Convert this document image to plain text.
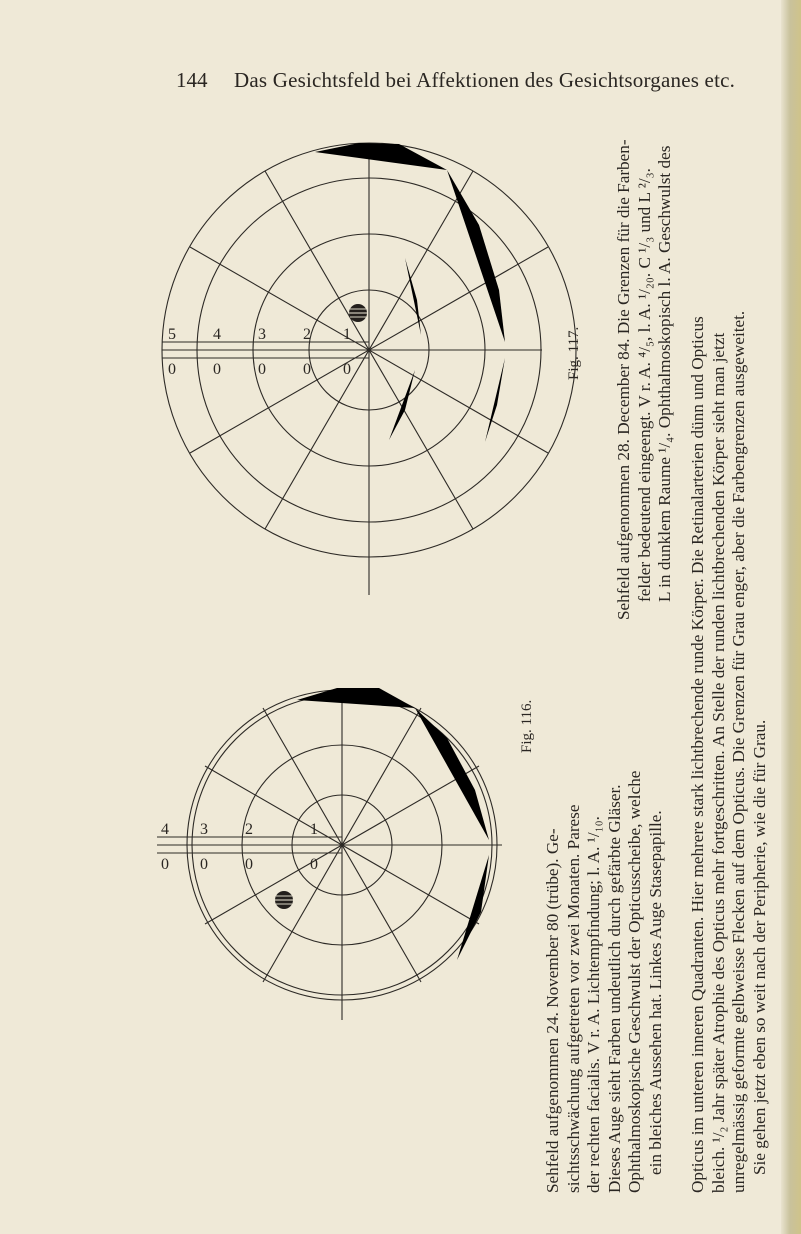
144 Das Gesichtsfeld bei Affektionen des Gesichtsorganes etc.
5
0
4
0
3
0
2
0
1
0
4
0
3
0
2
0
1
0
Fig. 116.
Sehfeld aufgenommen 24. November 80 (trübe). Ge- sichtsschwächung aufgetreten vor zwei Monaten. Parese der rechten facialis. V r. A. Lichtempfindung; l. A. ¹/₁₀. Dieses Auge sieht Farben undeutlich durch gefärbte Gläser. Ophthalmoskopische Geschwulst der Opticusscheibe, welche ein bleiches Aussehen hat. Linkes Auge Stasepapille.
Fig. 117. Sehfeld aufgenommen 28. December 84. Die Grenzen für die Farben- felder bedeutend eingeengt. V r. A. ⁴/₅, l. A. ¹/₂₀. C ¹/₃ und L ²/₃. L in dunklem Raume ¹/₄. Ophthalmoskopisch l. A. Geschwulst des Opticus im unteren inneren Quadranten. Hier mehrere stark lichtbrechende runde Körper. Die Retinalarterien dünn und Opticus bleich. ¹/₂ Jahr später Atrophie des Opticus mehr fortgeschritten. An Stelle der runden lichtbrechenden Körper sieht man jetzt unregelmässig geformte gelbweisse Flecken auf dem Opticus. Die Grenzen für Grau enger, aber die Farbengrenzen ausgeweitet. Sie gehen jetzt eben so weit nach der Peripherie, wie die für Grau.
